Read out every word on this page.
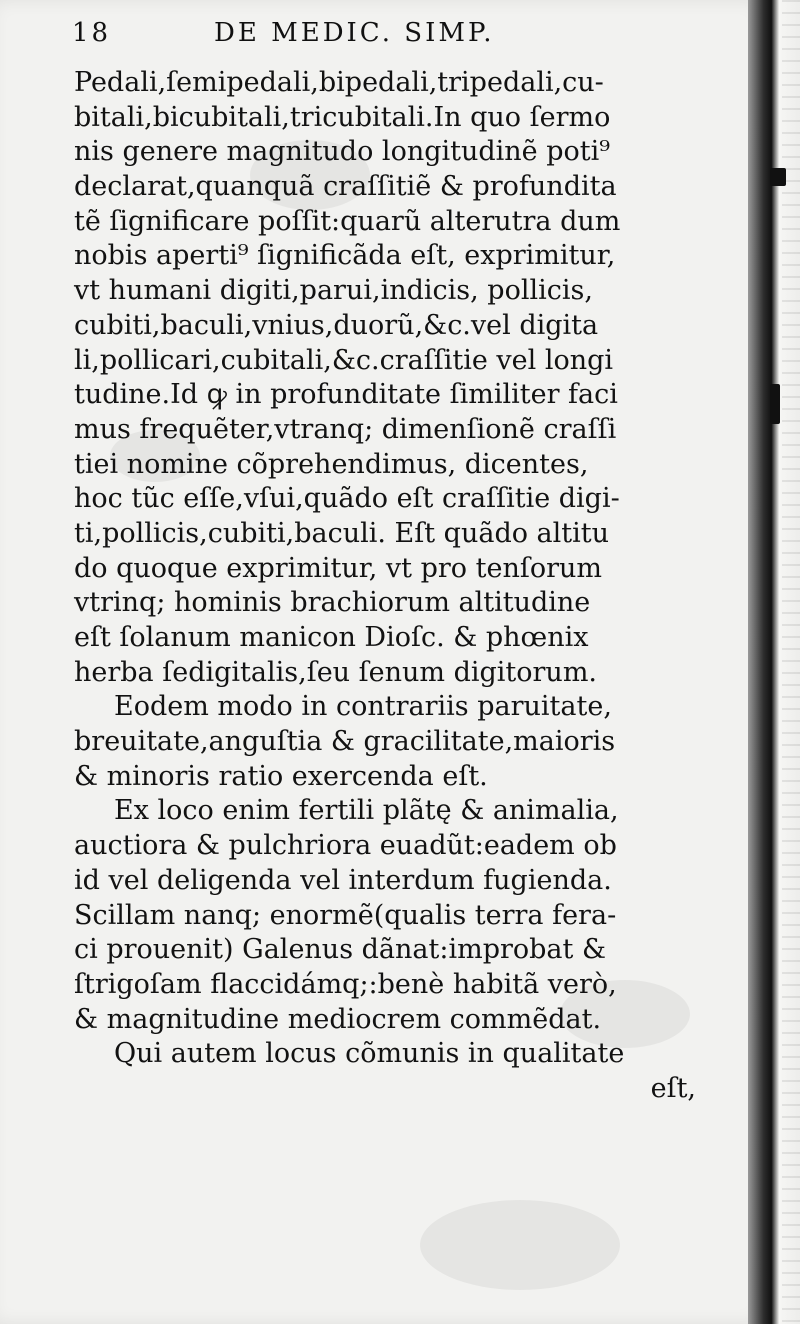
18	DE MEDIC. SIMP.
Pedali,ſemipedali,bipedali,tripedali,cu-
bitali,bicubitali,tricubitali.In quo ſermo
nis genere magnitudo longitudinẽ poti⁹
declarat,quanquã craſſitiẽ & profundita
tẽ ſignificare poſſit:quarũ alterutra dum
nobis aperti⁹ ſignificãda eſt, exprimitur,
vt humani digiti,parui,indicis, pollicis,
cubiti,baculi,vnius,duorũ,&c.vel digita
li,pollicari,cubitali,&c.craſſitie vel longi
tudine.Id ꝙ in profunditate ſimiliter faci
mus frequẽter,vtranq; dimenſionẽ craſſi
tiei nomine cõprehendimus, dicentes,
hoc tũc eſſe,vſui,quãdo eſt craſſitie digi-
ti,pollicis,cubiti,baculi. Eſt quãdo altitu
do quoque exprimitur, vt pro tenſorum
vtrinq; hominis brachiorum altitudine
eſt ſolanum manicon Dioſc. & phœnix
herba ſedigitalis,ſeu ſenum digitorum.
Eodem modo in contrariis paruitate,
breuitate,anguſtia & gracilitate,maioris
& minoris ratio exercenda eſt.
Ex loco enim fertili plãtę & animalia,
auctiora & pulchriora euadũt:eadem ob
id vel deligenda vel interdum fugienda.
Scillam nanq; enormẽ(qualis terra fera-
ci prouenit) Galenus dãnat:improbat &
ſtrigoſam flaccidámq;:benè habitã verò,
& magnitudine mediocrem commẽdat.
Qui autem locus cõmunis in qualitate
eſt,
